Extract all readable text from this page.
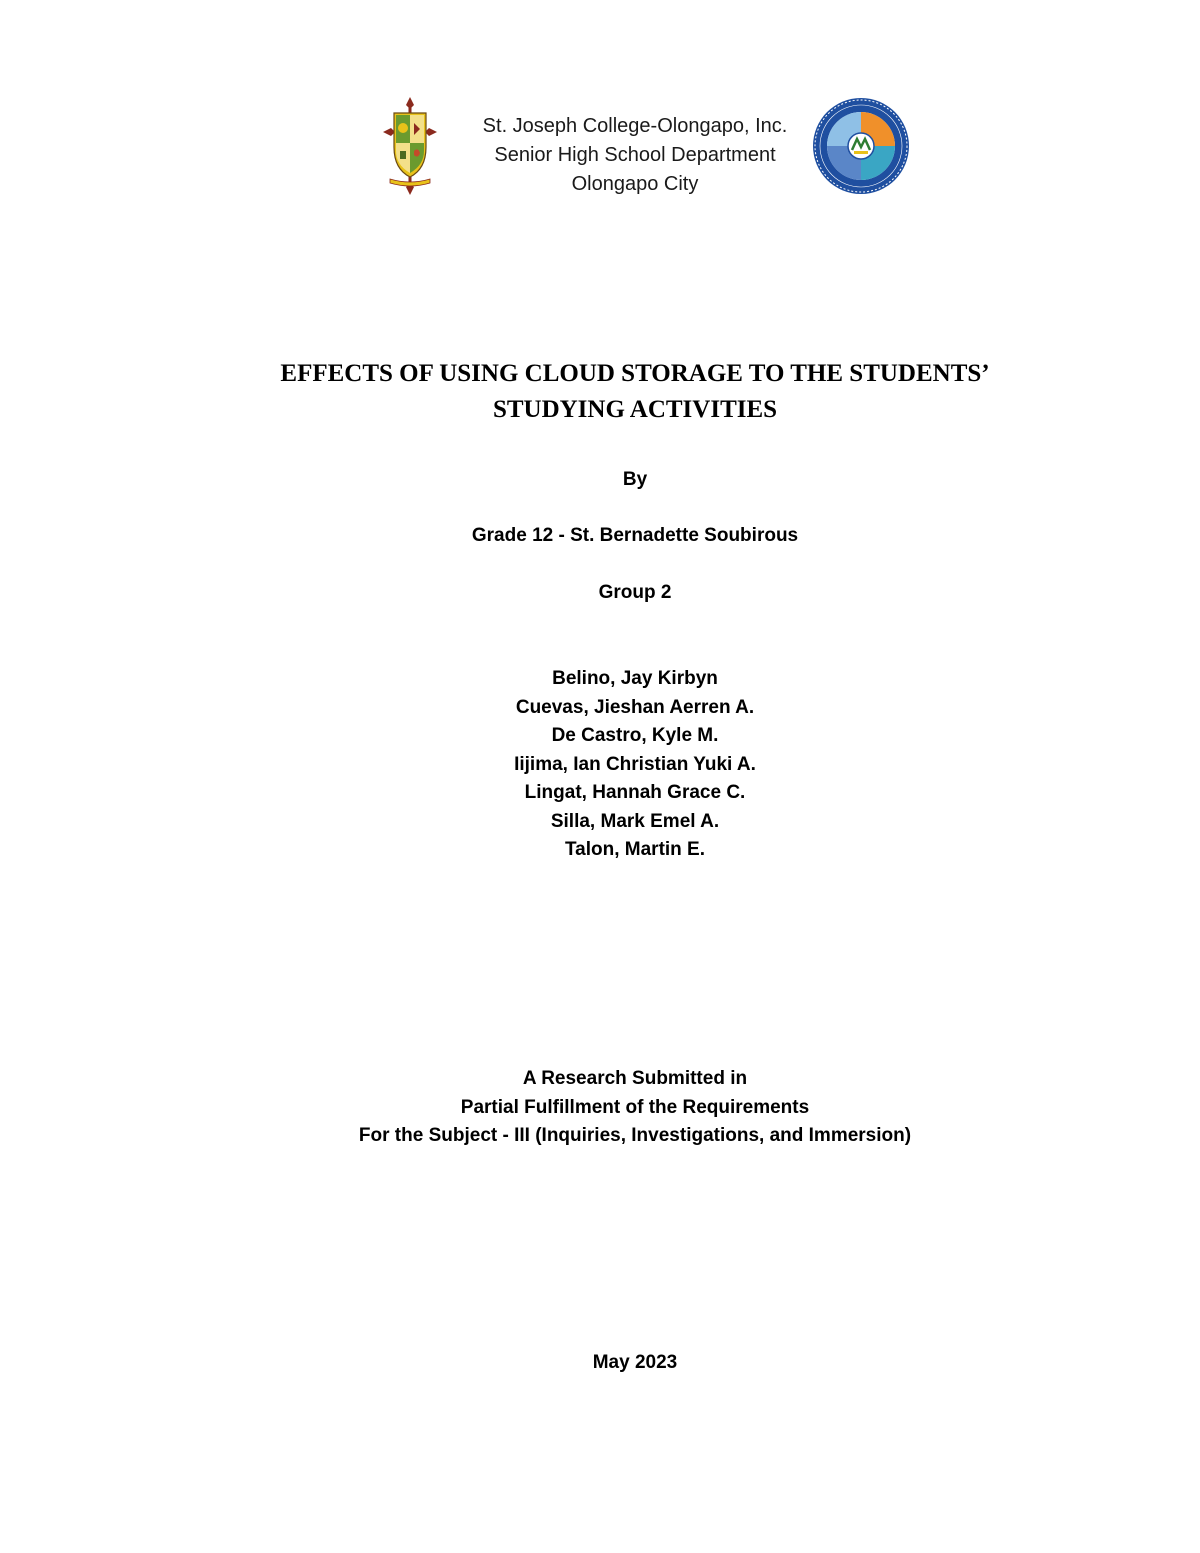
St. Joseph College-Olongapo, Inc.
Senior High School Department
Olongapo City
EFFECTS OF USING CLOUD STORAGE TO THE STUDENTS’
STUDYING ACTIVITIES
By
Grade 12 - St. Bernadette Soubirous
Group 2
Belino, Jay Kirbyn
Cuevas, Jieshan Aerren A.
De Castro, Kyle M.
Iijima, Ian Christian Yuki A.
Lingat, Hannah Grace C.
Silla, Mark Emel A.
Talon, Martin E.
A Research Submitted in
Partial Fulfillment of the Requirements
For the Subject - III (Inquiries, Investigations, and Immersion)
May 2023
